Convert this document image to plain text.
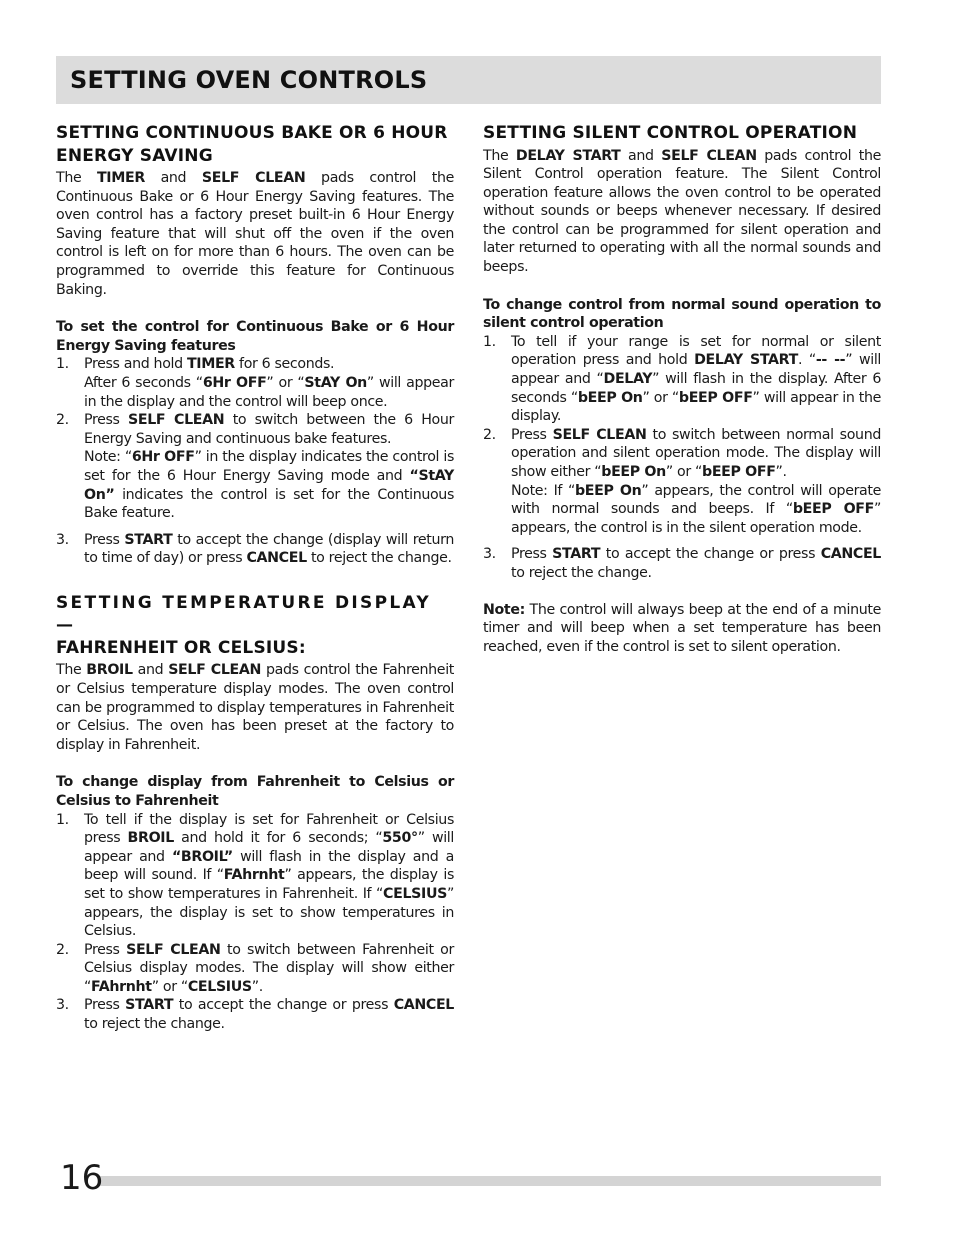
SETTING OVEN CONTROLS
SETTING CONTINUOUS BAKE OR 6 HOUR ENERGY SAVING

The TIMER and SELF CLEAN pads control the Continuous Bake or 6 Hour Energy Saving features. The oven control has a factory preset built-in 6 Hour Energy Saving feature that will shut off the oven if the oven control is left on for more than 6 hours. The oven can be programmed to override this feature for Continuous Baking.

To set the control for Continuous Bake or 6 Hour Energy Saving features

1.	Press and hold TIMER for 6 seconds.

After 6 seconds “6Hr OFF” or “StAY On” will appear in the display and the control will beep once.

2.	Press SELF CLEAN to switch between the 6 Hour Energy Saving and continuous bake features.

Note: “6Hr OFF” in the display indicates the control is set for the 6 Hour Energy Saving mode and “StAY On” indicates the control is set for the Continuous Bake feature.

3.	Press START to accept the change (display will return to time of day) or press CANCEL to reject the change.

SETTING TEMPERATURE DISPLAY —
FAHRENHEIT OR CELSIUS:

The BROIL and SELF CLEAN pads control the Fahrenheit or Celsius temperature display modes. The oven control can be programmed to display temperatures in Fahrenheit or Celsius. The oven has been preset at the factory to display in Fahrenheit.

To change display from Fahrenheit to Celsius or Celsius to Fahrenheit

1.	To tell if the display is set for Fahrenheit or Celsius press BROIL and hold it for 6 seconds; “550°” will appear and “BROIL” will flash in the display and a beep will sound. If “FAhrnht” appears, the display is set to show temperatures in Fahrenheit. If “CELSIUS” appears, the display is set to show temperatures in Celsius.

2.	Press SELF CLEAN to switch between Fahrenheit or Celsius display modes. The display will show either “FAhrnht” or “CELSIUS”.

3.	Press START to accept the change or press CANCEL to reject the change.

SETTING SILENT CONTROL OPERATION

The DELAY START and SELF CLEAN pads control the Silent Control operation feature. The Silent Control operation feature allows the oven control to be operated without sounds or beeps whenever necessary. If desired the control can be programmed for silent operation and later returned to operating with all the normal sounds and beeps.

To change control from normal sound operation to silent control operation

1.	To tell if your range is set for normal or silent operation press and hold DELAY START. “-- --” will appear and “DELAY” will flash in the display. After 6 seconds “bEEP On” or “bEEP OFF” will appear in the display.

2.	Press SELF CLEAN to switch between normal sound operation and silent operation mode. The display will show either “bEEP On” or “bEEP OFF”.

Note: If “bEEP On” appears, the control will operate with normal sounds and beeps. If “bEEP OFF” appears, the control is in the silent operation mode.

3.	Press START to accept the change or press CANCEL to reject the change.

Note: The control will always beep at the end of a minute timer and will beep when a set temperature has been reached, even if the control is set to silent operation.

16
